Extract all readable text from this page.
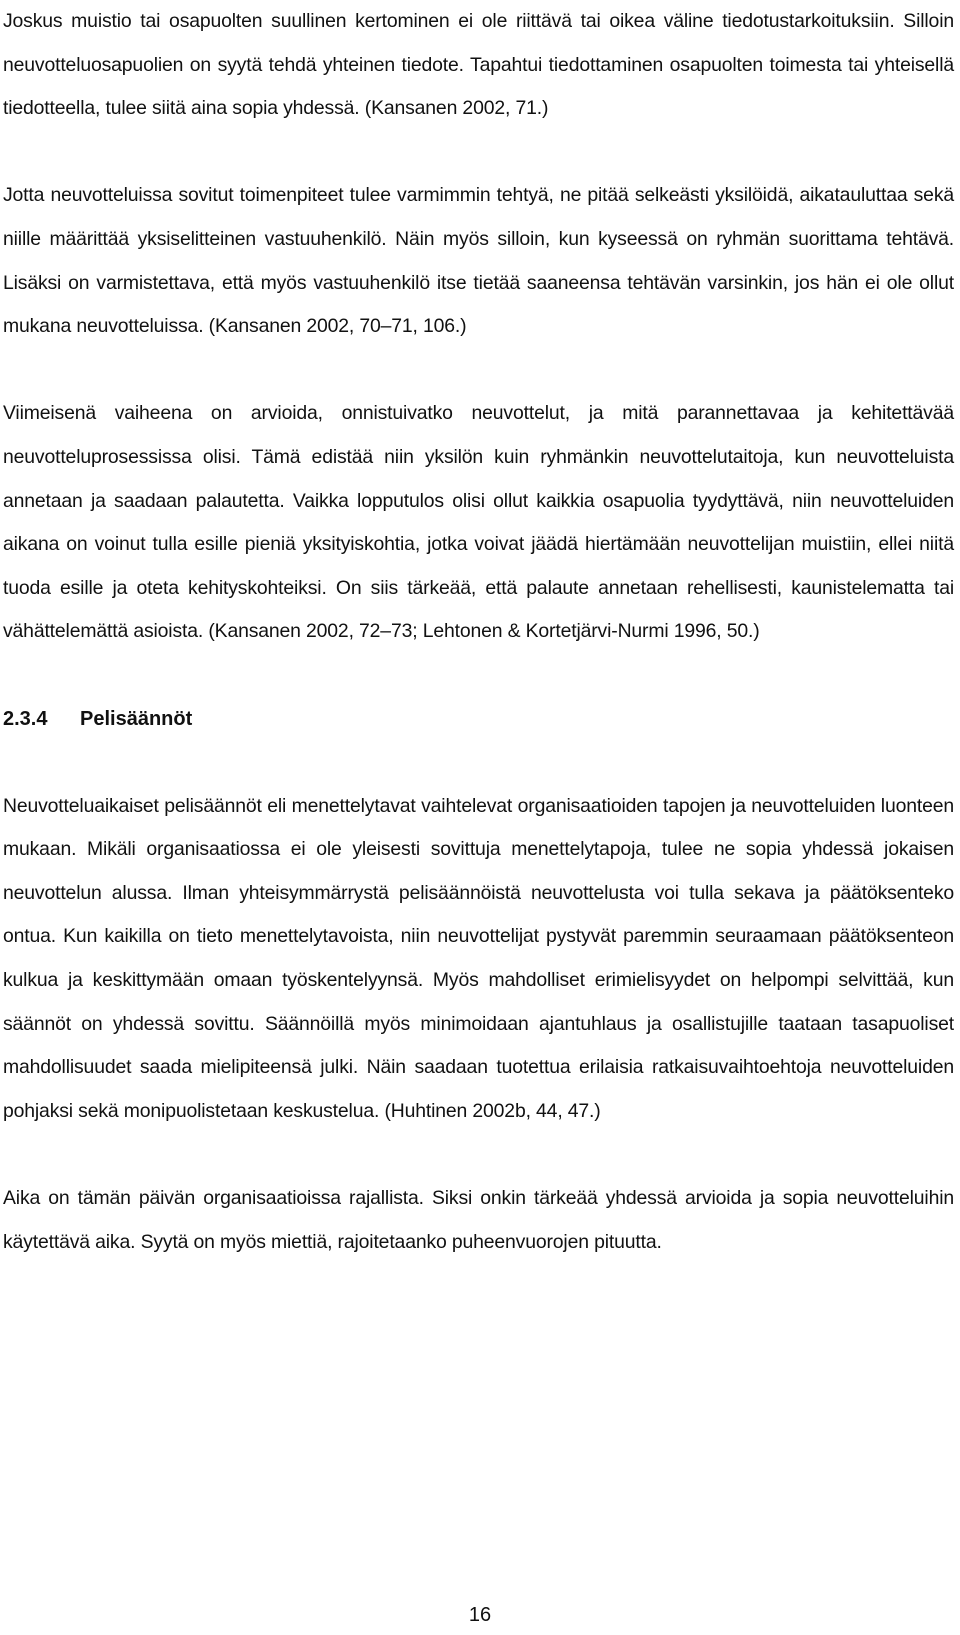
Joskus muistio tai osapuolten suullinen kertominen ei ole riittävä tai oikea väline tiedotustarkoituksiin. Silloin neuvotteluosapuolien on syytä tehdä yhteinen tiedote. Tapahtui tiedottaminen osapuolten toimesta tai yhteisellä tiedotteella, tulee siitä aina sopia yhdessä. (Kansanen 2002, 71.)

Jotta neuvotteluissa sovitut toimenpiteet tulee varmimmin tehtyä, ne pitää selkeästi yksilöidä, aikatauluttaa sekä niille määrittää yksiselitteinen vastuuhenkilö. Näin myös silloin, kun kyseessä on ryhmän suorittama tehtävä. Lisäksi on varmistettava, että myös vastuuhenkilö itse tietää saaneensa tehtävän varsinkin, jos hän ei ole ollut mukana neuvotteluissa. (Kansanen 2002, 70–71, 106.)

Viimeisenä vaiheena on arvioida, onnistuivatko neuvottelut, ja mitä parannettavaa ja kehitettävää neuvotteluprosessissa olisi. Tämä edistää niin yksilön kuin ryhmänkin neuvottelutaitoja, kun neuvotteluista annetaan ja saadaan palautetta. Vaikka lopputulos olisi ollut kaikkia osapuolia tyydyttävä, niin neuvotteluiden aikana on voinut tulla esille pieniä yksityiskohtia, jotka voivat jäädä hiertämään neuvottelijan muistiin, ellei niitä tuoda esille ja oteta kehityskohteiksi. On siis tärkeää, että palaute annetaan rehellisesti, kaunistelematta tai vähättelemättä asioista. (Kansanen 2002, 72–73; Lehtonen & Kortetjärvi-Nurmi 1996, 50.)

2.3.4	Pelisäännöt

Neuvotteluaikaiset pelisäännöt eli menettelytavat vaihtelevat organisaatioiden tapojen ja neuvotteluiden luonteen mukaan. Mikäli organisaatiossa ei ole yleisesti sovittuja menettelytapoja, tulee ne sopia yhdessä jokaisen neuvottelun alussa. Ilman yhteisymmärrystä pelisäännöistä neuvottelusta voi tulla sekava ja päätöksenteko ontua. Kun kaikilla on tieto menettelytavoista, niin neuvottelijat pystyvät paremmin seuraamaan päätöksenteon kulkua ja keskittymään omaan työskentelyynsä. Myös mahdolliset erimielisyydet on helpompi selvittää, kun säännöt on yhdessä sovittu. Säännöillä myös minimoidaan ajantuhlaus ja osallistujille taataan tasapuoliset mahdollisuudet saada mielipiteensä julki. Näin saadaan tuotettua erilaisia ratkaisuvaihtoehtoja neuvotteluiden pohjaksi sekä monipuolistetaan keskustelua. (Huhtinen 2002b, 44, 47.)

Aika on tämän päivän organisaatioissa rajallista. Siksi onkin tärkeää yhdessä arvioida ja sopia neuvotteluihin käytettävä aika. Syytä on myös miettiä, rajoitetaanko puheenvuorojen pituutta.

16
